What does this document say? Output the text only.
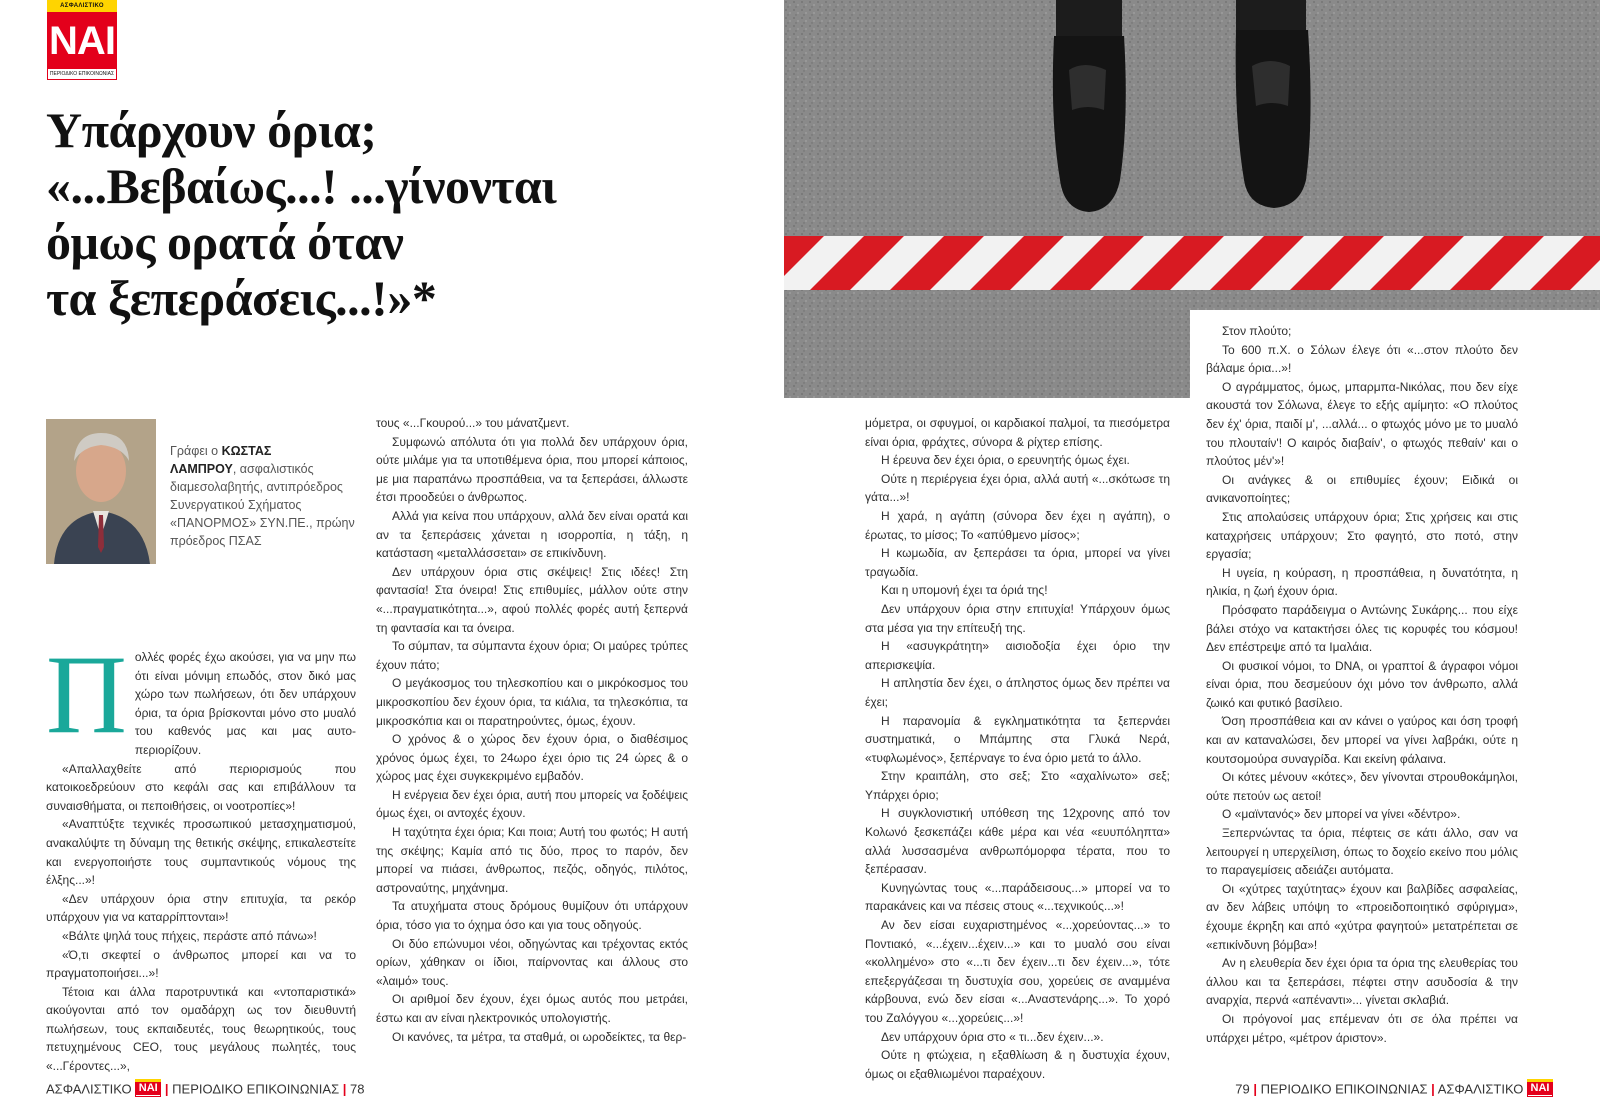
ΑΣΦΑΛΙΣΤΙΚΟ
ΝΑΙ
ΠΕΡΙΟΔΙΚΟ ΕΠΙΚΟΙΝΩΝΙΑΣ
Υπάρχουν όρια;
«...Βεβαίως...! ...γίνονται
όμως ορατά όταν
τα ξεπεράσεις...!»*
Γράφει ο ΚΩΣΤΑΣ
ΛΑΜΠΡΟΥ, ασφαλιστικός διαμεσολαβητής, αντιπρόεδρος Συνεργατικού Σχήματος «ΠΑΝΟΡΜΟΣ» ΣΥΝ.ΠΕ., πρώην πρόεδρος ΠΣΑΣ
Π ολλές φορές έχω ακούσει, για να μην πω ότι είναι μόνιμη επωδός, στον δικό μας χώρο των πωλήσεων, ότι δεν υπάρχουν όρια, τα όρια βρίσκονται μόνο στο μυαλό του καθενός μας και μας αυτο-περιορίζουν.

«Απαλλαχθείτε από περιορισμούς που κατοικοεδρεύουν στο κεφάλι σας και επιβάλλουν τα συναισθήματα, οι πεποιθήσεις, οι νοοτροπίες»!

«Αναπτύξτε τεχνικές προσωπικού μετασχηματισμού, ανακαλύψτε τη δύναμη της θετικής σκέψης, επικαλεστείτε και ενεργοποιήστε τους συμπαντικούς νόμους της έλξης...»!

«Δεν υπάρχουν όρια στην επιτυχία, τα ρεκόρ υπάρχουν για να καταρρίπτονται»!

«Βάλτε ψηλά τους πήχεις, περάστε από πάνω»!

«Ό,τι σκεφτεί ο άνθρωπος μπορεί και να το πραγματοποιήσει...»!

Τέτοια και άλλα παροτρυντικά και «ντοπαριστικά» ακούγονται από τον ομαδάρχη ως τον διευθυντή πωλήσεων, τους εκπαιδευτές, τους θεωρητικούς, τους πετυχημένους CEO, τους μεγάλους πωλητές, τους «...Γέροντες...»,

τους «...Γκουρού...» του μάνατζμεντ.

Συμφωνώ απόλυτα ότι για πολλά δεν υπάρχουν όρια, ούτε μιλάμε για τα υποτιθέμενα όρια, που μπορεί κάποιος, με μια παραπάνω προσπάθεια, να τα ξεπεράσει, άλλωστε έτσι προοδεύει ο άνθρωπος.

Αλλά για κείνα που υπάρχουν, αλλά δεν είναι ορατά και αν τα ξεπεράσεις χάνεται η ισορροπία, η τάξη, η κατάσταση «μεταλλάσσεται» σε επικίνδυνη.

Δεν υπάρχουν όρια στις σκέψεις! Στις ιδέες! Στη φαντασία! Στα όνειρα! Στις επιθυμίες, μάλλον ούτε στην «...πραγματικότητα...», αφού πολλές φορές αυτή ξεπερνά τη φαντασία και τα όνειρα.

Το σύμπαν, τα σύμπαντα έχουν όρια; Οι μαύρες τρύπες έχουν πάτο;

Ο μεγάκοσμος του τηλεσκοπίου και ο μικρόκοσμος του μικροσκοπίου δεν έχουν όρια, τα κιάλια, τα τηλεσκόπια, τα μικροσκόπια και οι παρατηρούντες, όμως, έχουν.

Ο χρόνος & ο χώρος δεν έχουν όρια, ο διαθέσιμος χρόνος όμως έχει, το 24ωρο έχει όριο τις 24 ώρες & ο χώρος μας έχει συγκεκριμένο εμβαδόν.

Η ενέργεια δεν έχει όρια, αυτή που μπορείς να ξοδέψεις όμως έχει, οι αντοχές έχουν.

Η ταχύτητα έχει όρια; Και ποια; Αυτή του φωτός; Η αυτή της σκέψης; Καμία από τις δύο, προς το παρόν, δεν μπορεί να πιάσει, άνθρωπος, πεζός, οδηγός, πιλότος, αστροναύτης, μηχάνημα.

Τα ατυχήματα στους δρόμους θυμίζουν ότι υπάρχουν όρια, τόσο για το όχημα όσο και για τους οδηγούς.

Οι δύο επώνυμοι νέοι, οδηγώντας και τρέχοντας εκτός ορίων, χάθηκαν οι ίδιοι, παίρνοντας και άλλους στο «λαιμό» τους.

Οι αριθμοί δεν έχουν, έχει όμως αυτός που μετράει, έστω και αν είναι ηλεκτρονικός υπολογιστής.

Οι κανόνες, τα μέτρα, τα σταθμά, οι ωροδείκτες, τα θερ-

ΑΣΦΑΛΙΣΤΙΚΟ ΝΑΙ | ΠΕΡΙΟΔΙΚΟ ΕΠΙΚΟΙΝΩΝΙΑΣ | 78

μόμετρα, οι σφυγμοί, οι καρδιακοί παλμοί, τα πιεσόμετρα είναι όρια, φράχτες, σύνορα & ρίχτερ επίσης.

Η έρευνα δεν έχει όρια, ο ερευνητής όμως έχει.

Ούτε η περιέργεια έχει όρια, αλλά αυτή «...σκότωσε τη γάτα...»!

Η χαρά, η αγάπη (σύνορα δεν έχει η αγάπη), ο έρωτας, το μίσος; Το «απύθμενο μίσος»;

Η κωμωδία, αν ξεπεράσει τα όρια, μπορεί να γίνει τραγωδία.

Και η υπομονή έχει τα όριά της!

Δεν υπάρχουν όρια στην επιτυχία! Υπάρχουν όμως στα μέσα για την επίτευξή της.

Η «ασυγκράτητη» αισιοδοξία έχει όριο την απερισκεψία.

Η απληστία δεν έχει, ο άπληστος όμως δεν πρέπει να έχει;

Η παρανομία & εγκληματικότητα τα ξεπερνάει συστηματικά, ο Μπάμπης στα Γλυκά Νερά, «τυφλωμένος», ξεπέρναγε το ένα όριο μετά το άλλο.

Στην κραιπάλη, στο σεξ; Στο «αχαλίνωτο» σεξ; Υπάρχει όριο;

Η συγκλονιστική υπόθεση της 12χρονης από τον Κολωνό ξεσκεπάζει κάθε μέρα και νέα «ευυπόληπτα» αλλά λυσσασμένα ανθρωπόμορφα τέρατα, που το ξεπέρασαν.

Κυνηγώντας τους «...παράδεισους...» μπορεί να το παρακάνεις και να πέσεις στους «...τεχνικούς...»!

Αν δεν είσαι ευχαριστημένος «...χορεύοντας...» το Ποντιακό, «...έχειν...έχειν...» και το μυαλό σου είναι «κολλημένο» στο «...τι δεν έχειν...τι δεν έχειν...», τότε επεξεργάζεσαι τη δυστυχία σου, χορεύεις σε αναμμένα κάρβουνα, ενώ δεν είσαι «...Αναστενάρης...». Το χορό του Ζαλόγγου «...χορεύεις...»!

Δεν υπάρχουν όρια στο « τι...δεν έχειν...».

Ούτε η φτώχεια, η εξαθλίωση & η δυστυχία έχουν, όμως οι εξαθλιωμένοι παραέχουν.

Στον πλούτο;

Το 600 π.Χ. ο Σόλων έλεγε ότι «...στον πλούτο δεν βάλαμε όρια...»!

Ο αγράμματος, όμως, μπαρμπα-Νικόλας, που δεν είχε ακουστά τον Σόλωνα, έλεγε το εξής αμίμητο: «Ο πλούτος δεν έχ' όρια, παιδί μ', ...αλλά... ο φτωχός μόνο με το μυαλό του πλουταίν'! Ο καιρός διαβαίν', ο φτωχός πεθαίν' και ο πλούτος μέν'»!

Οι ανάγκες & οι επιθυμίες έχουν; Ειδικά οι ανικανοποίητες;

Στις απολαύσεις υπάρχουν όρια; Στις χρήσεις και στις καταχρήσεις υπάρχουν; Στο φαγητό, στο ποτό, στην εργασία;

Η υγεία, η κούραση, η προσπάθεια, η δυνατότητα, η ηλικία, η ζωή έχουν όρια.

Πρόσφατο παράδειγμα ο Αντώνης Συκάρης... που είχε βάλει στόχο να κατακτήσει όλες τις κορυφές του κόσμου! Δεν επέστρεψε από τα Ιμαλάια.

Οι φυσικοί νόμοι, το DNA, οι γραπτοί & άγραφοι νόμοι είναι όρια, που δεσμεύουν όχι μόνο τον άνθρωπο, αλλά ζωικό και φυτικό βασίλειο.

Όση προσπάθεια και αν κάνει ο γαύρος και όση τροφή και αν καταναλώσει, δεν μπορεί να γίνει λαβράκι, ούτε η κουτσομούρα συναγρίδα. Και εκείνη φάλαινα.

Οι κότες μένουν «κότες», δεν γίνονται στρουθοκάμηλοι, ούτε πετούν ως αετοί!

Ο «μαϊντανός» δεν μπορεί να γίνει «δέντρο».

Ξεπερνώντας τα όρια, πέφτεις σε κάτι άλλο, σαν να λειτουργεί η υπερχείλιση, όπως το δοχείο εκείνο που μόλις το παραγεμίσεις αδειάζει αυτόματα.

Οι «χύτρες ταχύτητας» έχουν και βαλβίδες ασφαλείας, αν δεν λάβεις υπόψη το «προειδοποιητικό σφύριγμα», έχουμε έκρηξη και από «χύτρα φαγητού» μετατρέπεται σε «επικίνδυνη βόμβα»!

Αν η ελευθερία δεν έχει όρια τα όρια της ελευθερίας του άλλου και τα ξεπεράσει, πέφτει στην ασυδοσία & την αναρχία, περνά «απέναντι»... γίνεται σκλαβιά.

Οι πρόγονοί μας επέμεναν ότι σε όλα πρέπει να υπάρχει μέτρο, «μέτρον άριστον».

79 | ΠΕΡΙΟΔΙΚΟ ΕΠΙΚΟΙΝΩΝΙΑΣ | ΑΣΦΑΛΙΣΤΙΚΟ ΝΑΙ
